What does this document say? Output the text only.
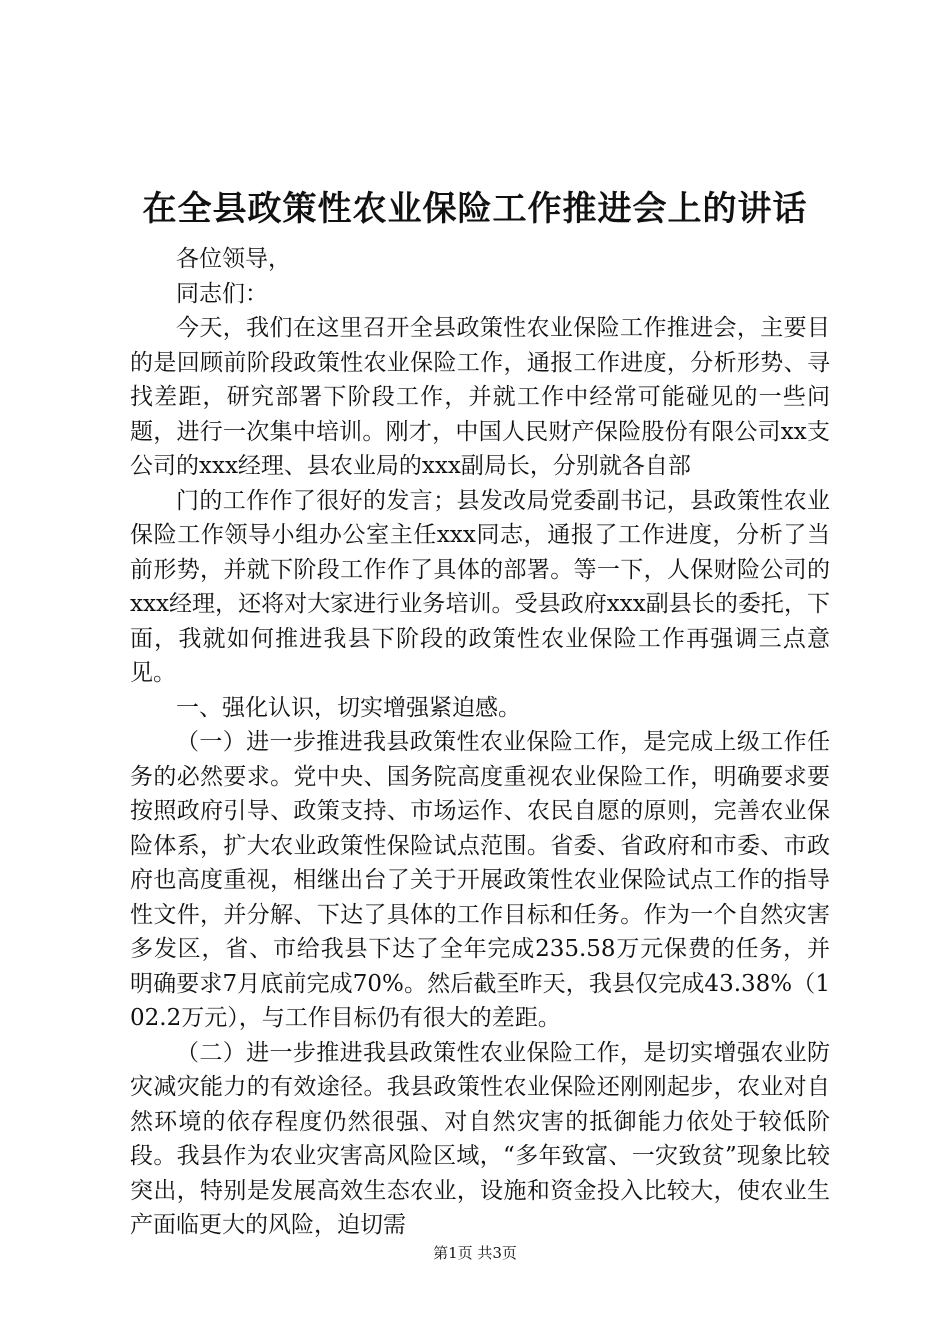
在全县政策性农业保险工作推进会上的讲话

各位领导，

同志们：

今天，我们在这里召开全县政策性农业保险工作推进会，主要目的是回顾前阶段政策性农业保险工作，通报工作进度，分析形势、寻找差距，研究部署下阶段工作，并就工作中经常可能碰见的一些问题，进行一次集中培训。刚才，中国人民财产保险股份有限公司xx支公司的xxx经理、县农业局的xxx副局长，分别就各自部

门的工作作了很好的发言；县发改局党委副书记，县政策性农业保险工作领导小组办公室主任xxx同志，通报了工作进度，分析了当前形势，并就下阶段工作作了具体的部署。等一下，人保财险公司的xxx经理，还将对大家进行业务培训。受县政府xxx副县长的委托，下面，我就如何推进我县下阶段的政策性农业保险工作再强调三点意见。

一、强化认识，切实增强紧迫感。

（一）进一步推进我县政策性农业保险工作，是完成上级工作任务的必然要求。党中央、国务院高度重视农业保险工作，明确要求要按照政府引导、政策支持、市场运作、农民自愿的原则，完善农业保险体系，扩大农业政策性保险试点范围。省委、省政府和市委、市政府也高度重视，相继出台了关于开展政策性农业保险试点工作的指导性文件，并分解、下达了具体的工作目标和任务。作为一个自然灾害多发区，省、市给我县下达了全年完成235.58万元保费的任务，并明确要求7月底前完成70%。然后截至昨天，我县仅完成43.38%（102.2万元），与工作目标仍有很大的差距。

（二）进一步推进我县政策性农业保险工作，是切实增强农业防灾减灾能力的有效途径。我县政策性农业保险还刚刚起步，农业对自然环境的依存程度仍然很强、对自然灾害的抵御能力依处于较低阶段。我县作为农业灾害高风险区域，“多年致富、一灾致贫”现象比较突出，特别是发展高效生态农业，设施和资金投入比较大，使农业生产面临更大的风险，迫切需

第1页 共3页
